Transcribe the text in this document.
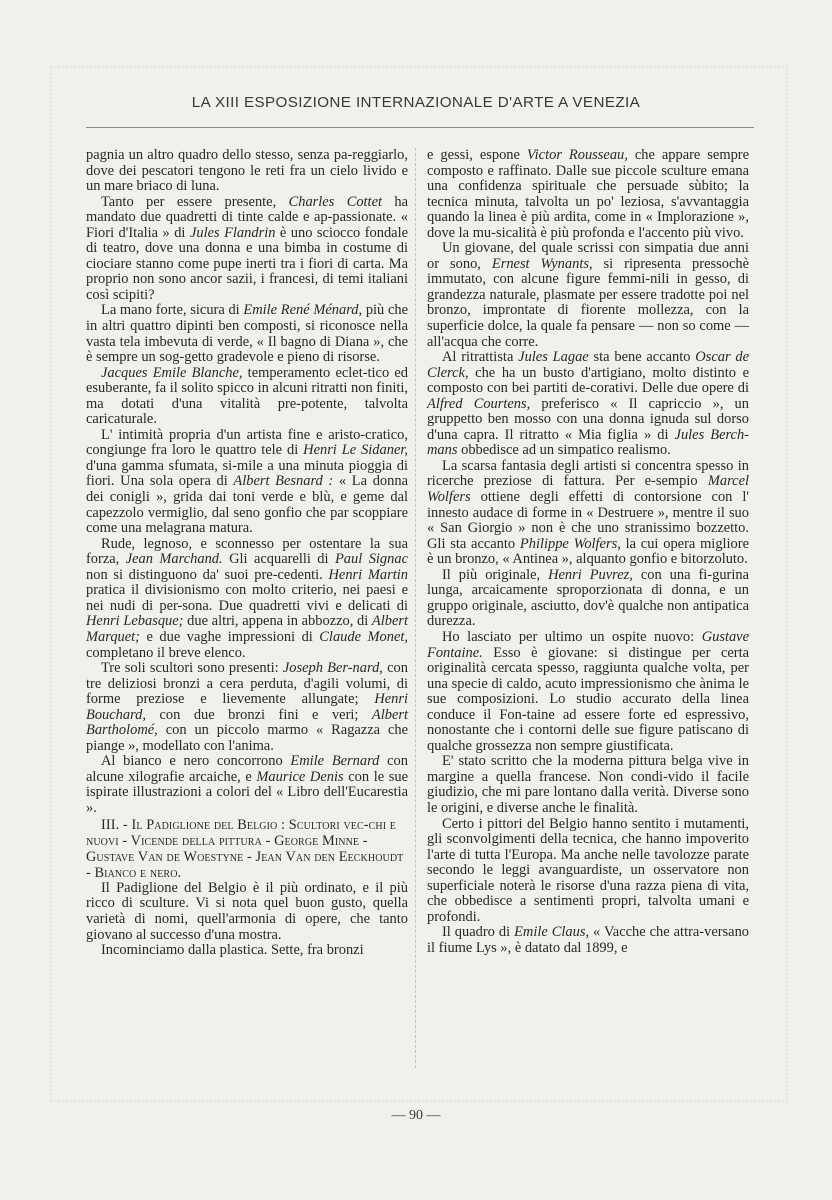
LA XIII ESPOSIZIONE INTERNAZIONALE D'ARTE A VENEZIA

pagnia un altro quadro dello stesso, senza pa-reggiarlo, dove dei pescatori tengono le reti fra un cielo livido e un mare briaco di luna.

Tanto per essere presente, Charles Cottet ha mandato due quadretti di tinte calde e ap-passionate. « Fiori d'Italia » di Jules Flandrin è uno sciocco fondale di teatro, dove una donna e una bimba in costume di ciociare stanno come pupe inerti tra i fiori di carta. Ma proprio non sono ancor sazii, i francesi, di temi italiani così scipiti?

La mano forte, sicura di Emile René Ménard, più che in altri quattro dipinti ben composti, si riconosce nella vasta tela imbevuta di verde, « Il bagno di Diana », che è sempre un sog-getto gradevole e pieno di risorse.

Jacques Emile Blanche, temperamento eclet-tico ed esuberante, fa il solito spicco in alcuni ritratti non finiti, ma dotati d'una vitalità pre-potente, talvolta caricaturale.

L' intimità propria d'un artista fine e aristo-cratico, congiunge fra loro le quattro tele di Henri Le Sidaner, d'una gamma sfumata, si-mile a una minuta pioggia di fiori. Una sola opera di Albert Besnard : « La donna dei conigli », grida dai toni verde e blù, e geme dal capezzolo vermiglio, dal seno gonfio che par scoppiare come una melagrana matura.

Rude, legnoso, e sconnesso per ostentare la sua forza, Jean Marchand. Gli acquarelli di Paul Signac non si distinguono da' suoi pre-cedenti. Henri Martin pratica il divisionismo con molto criterio, nei paesi e nei nudi di per-sona. Due quadretti vivi e delicati di Henri Lebasque; due altri, appena in abbozzo, di Albert Marquet; e due vaghe impressioni di Claude Monet, completano il breve elenco.

Tre soli scultori sono presenti: Joseph Ber-nard, con tre deliziosi bronzi a cera perduta, d'agili volumi, di forme preziose e lievemente allungate; Henri Bouchard, con due bronzi fini e veri; Albert Bartholomé, con un piccolo marmo « Ragazza che piange », modellato con l'anima.

Al bianco e nero concorrono Emile Bernard con alcune xilografie arcaiche, e Maurice Denis con le sue ispirate illustrazioni a colori del « Libro dell'Eucarestia ».

III. - Il Padiglione del Belgio : Scultori vec-chi e nuovi - Vicende della pittura - George Minne - Gustave Van de Woestyne - Jean Van den Eeckhoudt - Bianco e nero.

Il Padiglione del Belgio è il più ordinato, e il più ricco di sculture. Vi si nota quel buon gusto, quella varietà di nomi, quell'armonia di opere, che tanto giovano al successo d'una mostra.

Incominciamo dalla plastica. Sette, fra bronzi

e gessi, espone Victor Rousseau, che appare sempre composto e raffinato. Dalle sue piccole sculture emana una confidenza spirituale che persuade sùbito; la tecnica minuta, talvolta un po' leziosa, s'avvantaggia quando la linea è più ardita, come in « Implorazione », dove la mu-sicalità è più profonda e l'accento più vivo.

Un giovane, del quale scrissi con simpatia due anni or sono, Ernest Wynants, si ripresenta pressochè immutato, con alcune figure femmi-nili in gesso, di grandezza naturale, plasmate per essere tradotte poi nel bronzo, improntate di fiorente mollezza, con la superficie dolce, la quale fa pensare — non so come — all'acqua che corre.

Al ritrattista Jules Lagae sta bene accanto Oscar de Clerck, che ha un busto d'artigiano, molto distinto e composto con bei partiti de-corativi. Delle due opere di Alfred Courtens, preferisco « Il capriccio », un gruppetto ben mosso con una donna ignuda sul dorso d'una capra. Il ritratto « Mia figlia » di Jules Berch-mans obbedisce ad un simpatico realismo.

La scarsa fantasia degli artisti si concentra spesso in ricerche preziose di fattura. Per e-sempio Marcel Wolfers ottiene degli effetti di contorsione con l' innesto audace di forme in « Destruere », mentre il suo « San Giorgio » non è che uno stranissimo bozzetto. Gli sta accanto Philippe Wolfers, la cui opera migliore è un bronzo, « Antinea », alquanto gonfio e bitorzoluto.

Il più originale, Henri Puvrez, con una fi-gurina lunga, arcaicamente sproporzionata di donna, e un gruppo originale, asciutto, dov'è qualche non antipatica durezza.

Ho lasciato per ultimo un ospite nuovo: Gustave Fontaine. Esso è giovane: si distingue per certa originalità cercata spesso, raggiunta qualche volta, per una specie di caldo, acuto impressionismo che ànima le sue composizioni. Lo studio accurato della linea conduce il Fon-taine ad essere forte ed espressivo, nonostante che i contorni delle sue figure patiscano di qualche grossezza non sempre giustificata.

E' stato scritto che la moderna pittura belga vive in margine a quella francese. Non condi-vido il facile giudizio, che mi pare lontano dalla verità. Diverse sono le origini, e diverse anche le finalità.

Certo i pittori del Belgio hanno sentito i mutamenti, gli sconvolgimenti della tecnica, che hanno impoverito l'arte di tutta l'Europa. Ma anche nelle tavolozze parate secondo le leggi avanguardiste, un osservatore non superficiale noterà le risorse d'una razza piena di vita, che obbedisce a sentimenti propri, talvolta umani e profondi.

Il quadro di Emile Claus, « Vacche che attra-versano il fiume Lys », è datato dal 1899, e

— 90 —
